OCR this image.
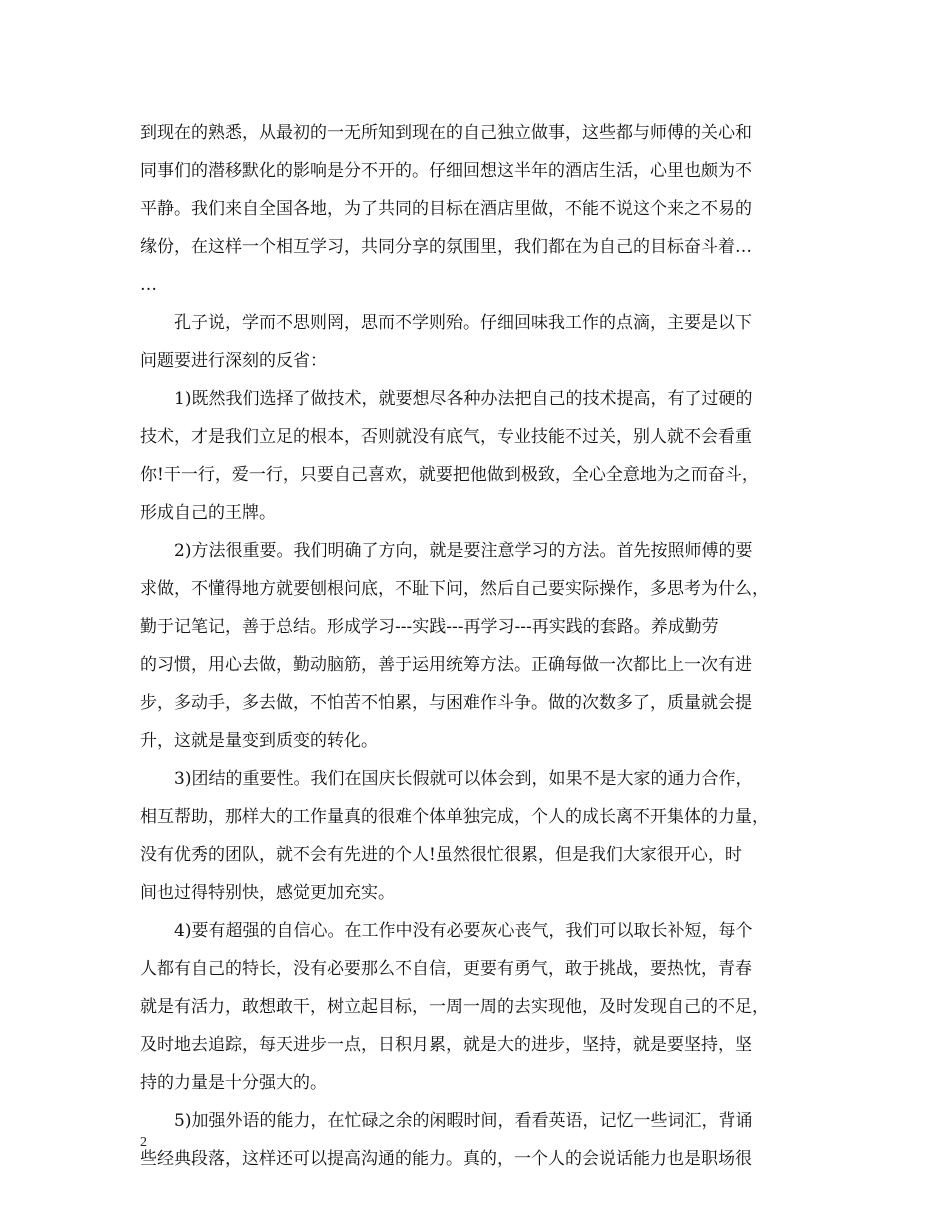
到现在的熟悉，从最初的一无所知到现在的自己独立做事，这些都与师傅的关心和
同事们的潜移默化的影响是分不开的。仔细回想这半年的酒店生活，心里也颇为不
平静。我们来自全国各地，为了共同的目标在酒店里做，不能不说这个来之不易的
缘份，在这样一个相互学习，共同分享的氛围里，我们都在为自己的目标奋斗着…
…
孔子说，学而不思则罔，思而不学则殆。仔细回味我工作的点滴，主要是以下
问题要进行深刻的反省：
1)既然我们选择了做技术，就要想尽各种办法把自己的技术提高，有了过硬的
技术，才是我们立足的根本，否则就没有底气，专业技能不过关，别人就不会看重
你!干一行，爱一行，只要自己喜欢，就要把他做到极致，全心全意地为之而奋斗，
形成自己的王牌。
2)方法很重要。我们明确了方向，就是要注意学习的方法。首先按照师傅的要
求做，不懂得地方就要刨根问底，不耻下问，然后自己要实际操作，多思考为什么，
勤于记笔记，善于总结。形成学习---实践---再学习---再实践的套路。养成勤劳
的习惯，用心去做，勤动脑筋，善于运用统筹方法。正确每做一次都比上一次有进
步，多动手，多去做，不怕苦不怕累，与困难作斗争。做的次数多了，质量就会提
升，这就是量变到质变的转化。
3)团结的重要性。我们在国庆长假就可以体会到，如果不是大家的通力合作，
相互帮助，那样大的工作量真的很难个体单独完成，个人的成长离不开集体的力量，
没有优秀的团队，就不会有先进的个人!虽然很忙很累，但是我们大家很开心，时
间也过得特别快，感觉更加充实。
4)要有超强的自信心。在工作中没有必要灰心丧气，我们可以取长补短，每个
人都有自己的特长，没有必要那么不自信，更要有勇气，敢于挑战，要热忱，青春
就是有活力，敢想敢干，树立起目标，一周一周的去实现他，及时发现自己的不足，
及时地去追踪，每天进步一点，日积月累，就是大的进步，坚持，就是要坚持，坚
持的力量是十分强大的。
5)加强外语的能力，在忙碌之余的闲暇时间，看看英语，记忆一些词汇，背诵
些经典段落，这样还可以提高沟通的能力。真的，一个人的会说话能力也是职场很
2
